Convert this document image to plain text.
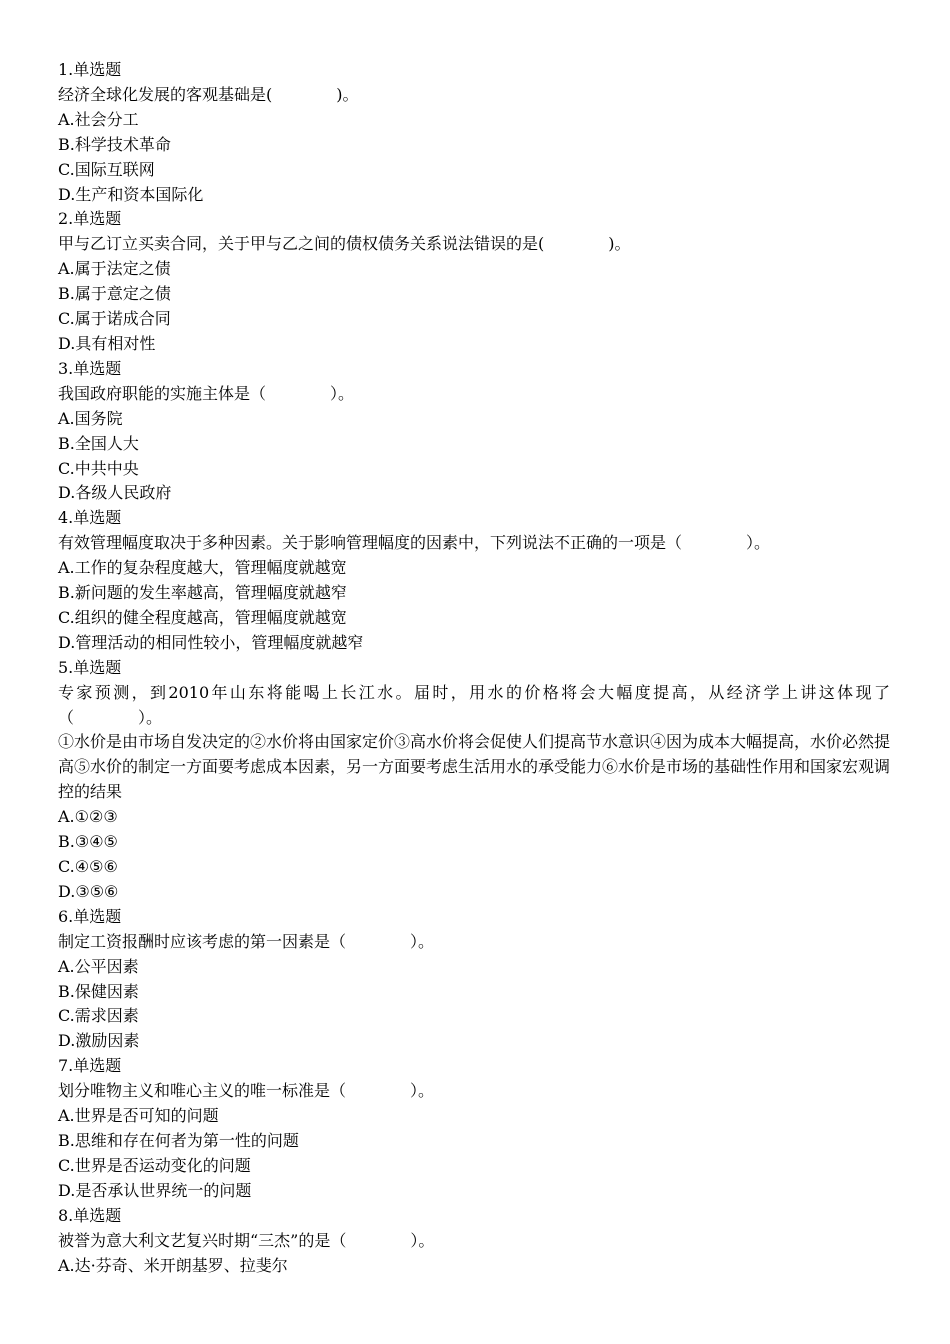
1.单选题
经济全球化发展的客观基础是(　　　　)。
A.社会分工
B.科学技术革命
C.国际互联网
D.生产和资本国际化
2.单选题
甲与乙订立买卖合同，关于甲与乙之间的债权债务关系说法错误的是(　　　　)。
A.属于法定之债
B.属于意定之债
C.属于诺成合同
D.具有相对性
3.单选题
我国政府职能的实施主体是（　　　　）。
A.国务院
B.全国人大
C.中共中央
D.各级人民政府
4.单选题
有效管理幅度取决于多种因素。关于影响管理幅度的因素中，下列说法不正确的一项是（　　　　）。
A.工作的复杂程度越大，管理幅度就越宽
B.新问题的发生率越高，管理幅度就越窄
C.组织的健全程度越高，管理幅度就越宽
D.管理活动的相同性较小，管理幅度就越窄
5.单选题
专家预测，到2010年山东将能喝上长江水。届时，用水的价格将会大幅度提高，从经济学上讲这体现了（　　　　）。
①水价是由市场自发决定的②水价将由国家定价③高水价将会促使人们提高节水意识④因为成本大幅提高，水价必然提高⑤水价的制定一方面要考虑成本因素，另一方面要考虑生活用水的承受能力⑥水价是市场的基础性作用和国家宏观调控的结果
A.①②③
B.③④⑤
C.④⑤⑥
D.③⑤⑥
6.单选题
制定工资报酬时应该考虑的第一因素是（　　　　）。
A.公平因素
B.保健因素
C.需求因素
D.激励因素
7.单选题
划分唯物主义和唯心主义的唯一标准是（　　　　）。
A.世界是否可知的问题
B.思维和存在何者为第一性的问题
C.世界是否运动变化的问题
D.是否承认世界统一的问题
8.单选题
被誉为意大利文艺复兴时期“三杰”的是（　　　　）。
A.达·芬奇、米开朗基罗、拉斐尔
